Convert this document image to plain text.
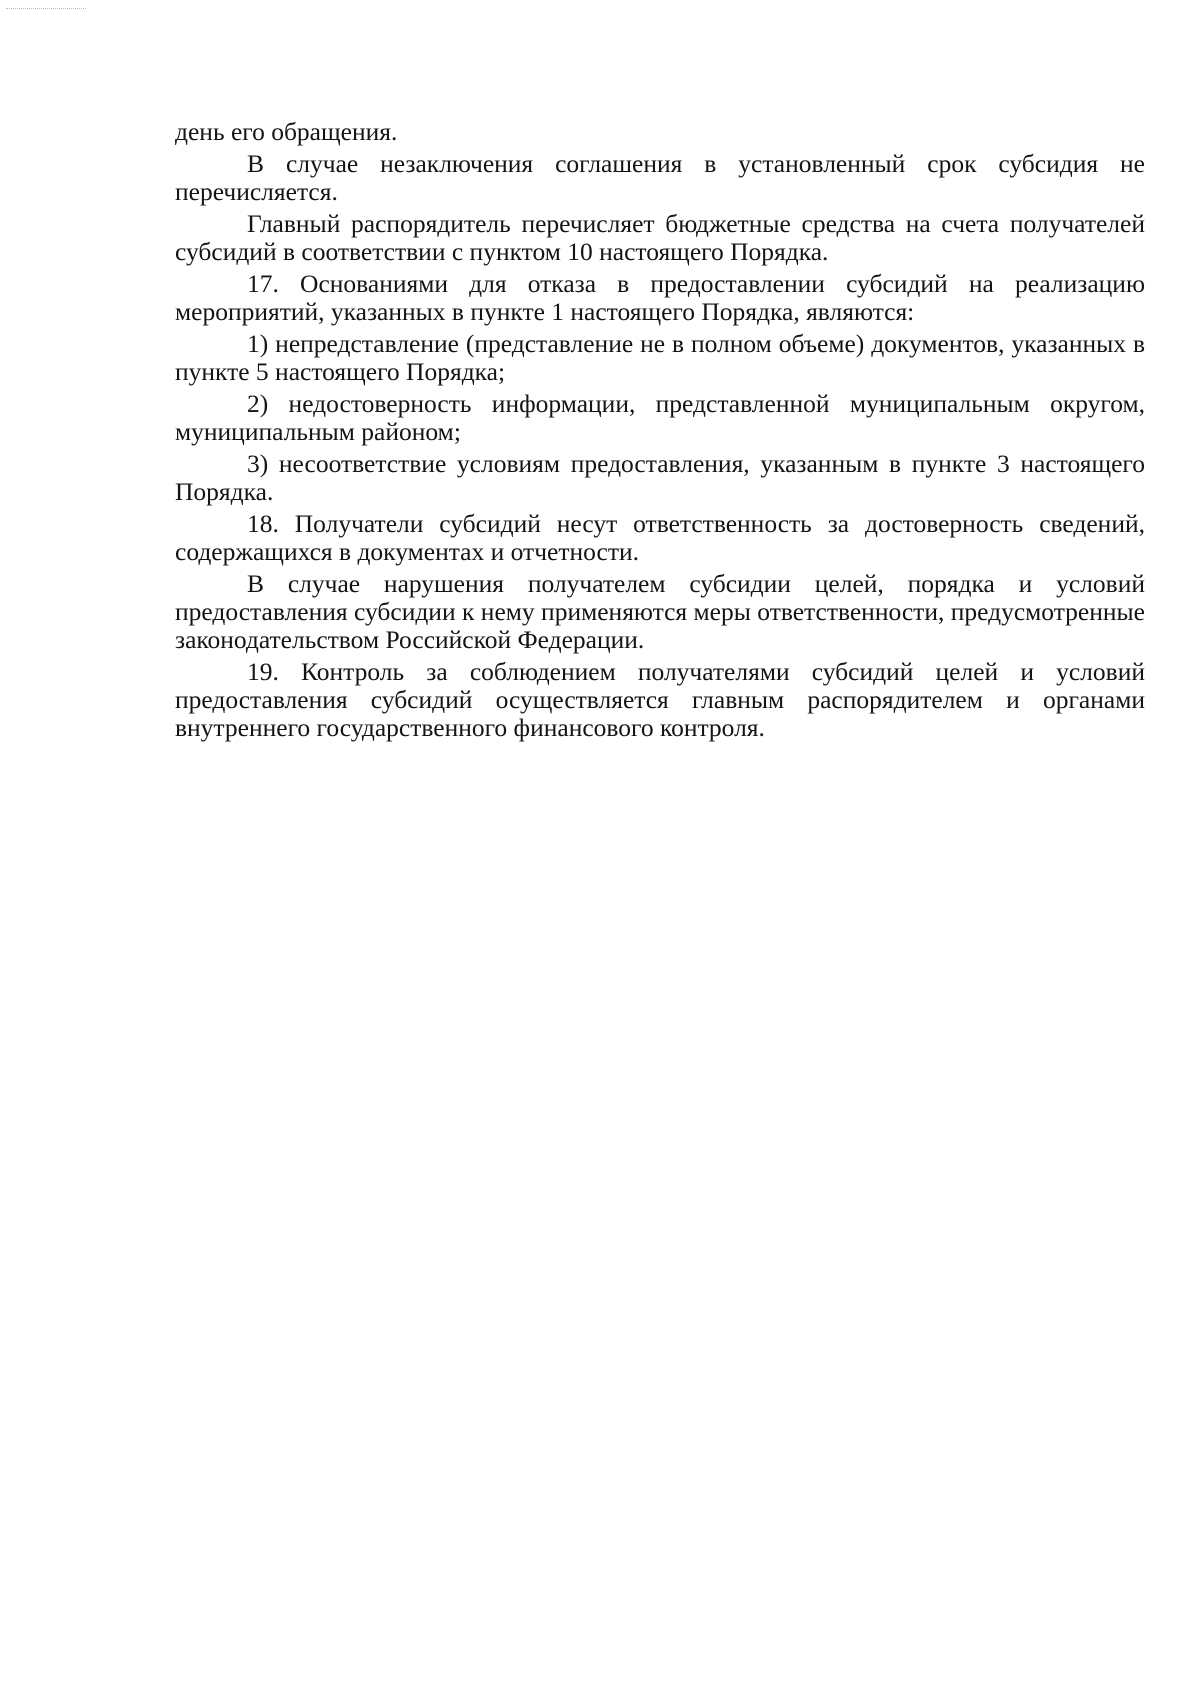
день его обращения.

В случае незаключения соглашения в установленный срок субсидия не перечисляется.

Главный распорядитель перечисляет бюджетные средства на счета получателей субсидий в соответствии с пунктом 10 настоящего Порядка.

17. Основаниями для отказа в предоставлении субсидий на реализацию мероприятий, указанных в пункте 1 настоящего Порядка, являются:

1) непредставление (представление не в полном объеме) документов, указанных в пункте 5 настоящего Порядка;

2) недостоверность информации, представленной муниципальным округом, муниципальным районом;

3) несоответствие условиям предоставления, указанным в пункте 3 настоящего Порядка.

18. Получатели субсидий несут ответственность за достоверность сведений, содержащихся в документах и отчетности.

В случае нарушения получателем субсидии целей, порядка и условий предоставления субсидии к нему применяются меры ответственности, предусмотренные законодательством Российской Федерации.

19. Контроль за соблюдением получателями субсидий целей и условий предоставления субсидий осуществляется главным распорядителем и органами внутреннего государственного финансового контроля.
